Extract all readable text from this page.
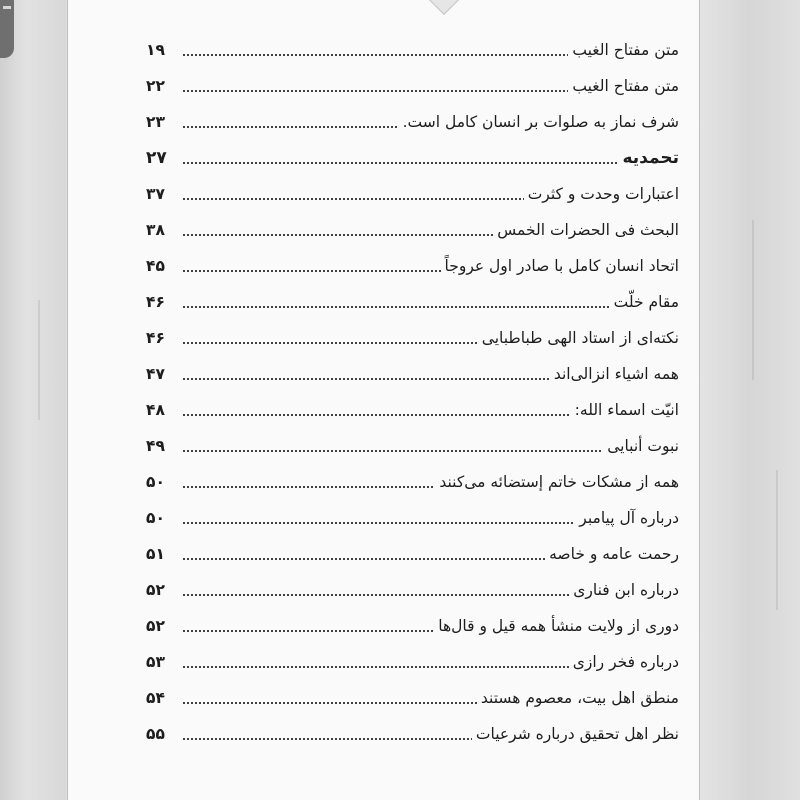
متن مفتاح الغیب
۱۹
متن مفتاح الغیب
۲۲
شرف نماز به صلوات بر انسان کامل است.
۲۳
تحمدیه
۲۷
اعتبارات وحدت و کثرت
۳۷
البحث فی الحضرات الخمس
۳۸
اتحاد انسان کامل با صادر اول عروجاً
۴۵
مقام خلّت
۴۶
نکته‌ای از استاد الهی طباطبایی
۴۶
همه اشیاء انزالی‌اند
۴۷
انیّت اسماء الله:
۴۸
نبوت أنبایی
۴۹
همه از مشکات خاتم إستضائه می‌کنند
۵۰
درباره آل پیامبر
۵۰
رحمت عامه و خاصه
۵۱
درباره ابن فناری
۵۲
دوری از ولایت منشأ همه قیل و قال‌ها
۵۲
درباره فخر رازی
۵۳
منطق اهل بیت، معصوم هستند
۵۴
نظر اهل تحقیق درباره شرعیات
۵۵
